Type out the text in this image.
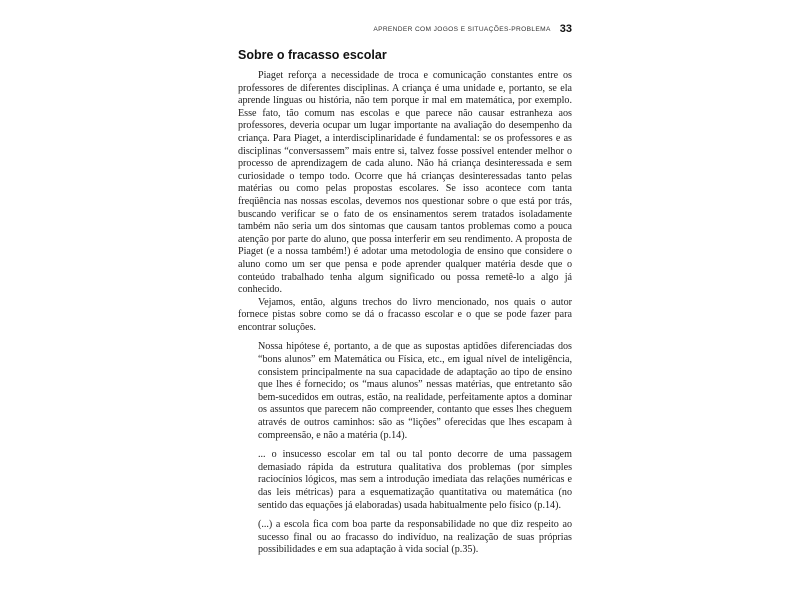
APRENDER COM JOGOS E SITUAÇÕES-PROBLEMA 33
Sobre o fracasso escolar

Piaget reforça a necessidade de troca e comunicação constantes entre os professores de diferentes disciplinas. A criança é uma unidade e, portanto, se ela aprende línguas ou história, não tem porque ir mal em matemática, por exemplo. Esse fato, tão comum nas escolas e que parece não causar estranheza aos professores, deveria ocupar um lugar importante na avaliação do desempenho da criança. Para Piaget, a interdisciplinaridade é fundamental: se os professores e as disciplinas “conversassem” mais entre si, talvez fosse possível entender melhor o processo de aprendizagem de cada aluno. Não há criança desinteressada e sem curiosidade o tempo todo. Ocorre que há crianças desinteressadas tanto pelas matérias ou como pelas propostas escolares. Se isso acontece com tanta freqüência nas nossas escolas, devemos nos questionar sobre o que está por trás, buscando verificar se o fato de os ensinamentos serem tratados isoladamente também não seria um dos sintomas que causam tantos problemas como a pouca atenção por parte do aluno, que possa interferir em seu rendimento. A proposta de Piaget (e a nossa também!) é adotar uma metodologia de ensino que considere o aluno como um ser que pensa e pode aprender qualquer matéria desde que o conteúdo trabalhado tenha algum significado ou possa remetê-lo a algo já conhecido.

Vejamos, então, alguns trechos do livro mencionado, nos quais o autor fornece pistas sobre como se dá o fracasso escolar e o que se pode fazer para encontrar soluções.

Nossa hipótese é, portanto, a de que as supostas aptidões diferenciadas dos “bons alunos” em Matemática ou Física, etc., em igual nível de inteligência, consistem principalmente na sua capacidade de adaptação ao tipo de ensino que lhes é fornecido; os “maus alunos” nessas matérias, que entretanto são bem-sucedidos em outras, estão, na realidade, perfeitamente aptos a dominar os assuntos que parecem não compreender, contanto que esses lhes cheguem através de outros caminhos: são as “lições” oferecidas que lhes escapam à compreensão, e não a matéria (p.14).

... o insucesso escolar em tal ou tal ponto decorre de uma passagem demasiado rápida da estrutura qualitativa dos problemas (por simples raciocínios lógicos, mas sem a introdução imediata das relações numéricas e das leis métricas) para a esquematização quantitativa ou matemática (no sentido das equações já elaboradas) usada habitualmente pelo físico (p.14).

(...) a escola fica com boa parte da responsabilidade no que diz respeito ao sucesso final ou ao fracasso do indivíduo, na realização de suas próprias possibilidades e em sua adaptação à vida social (p.35).
